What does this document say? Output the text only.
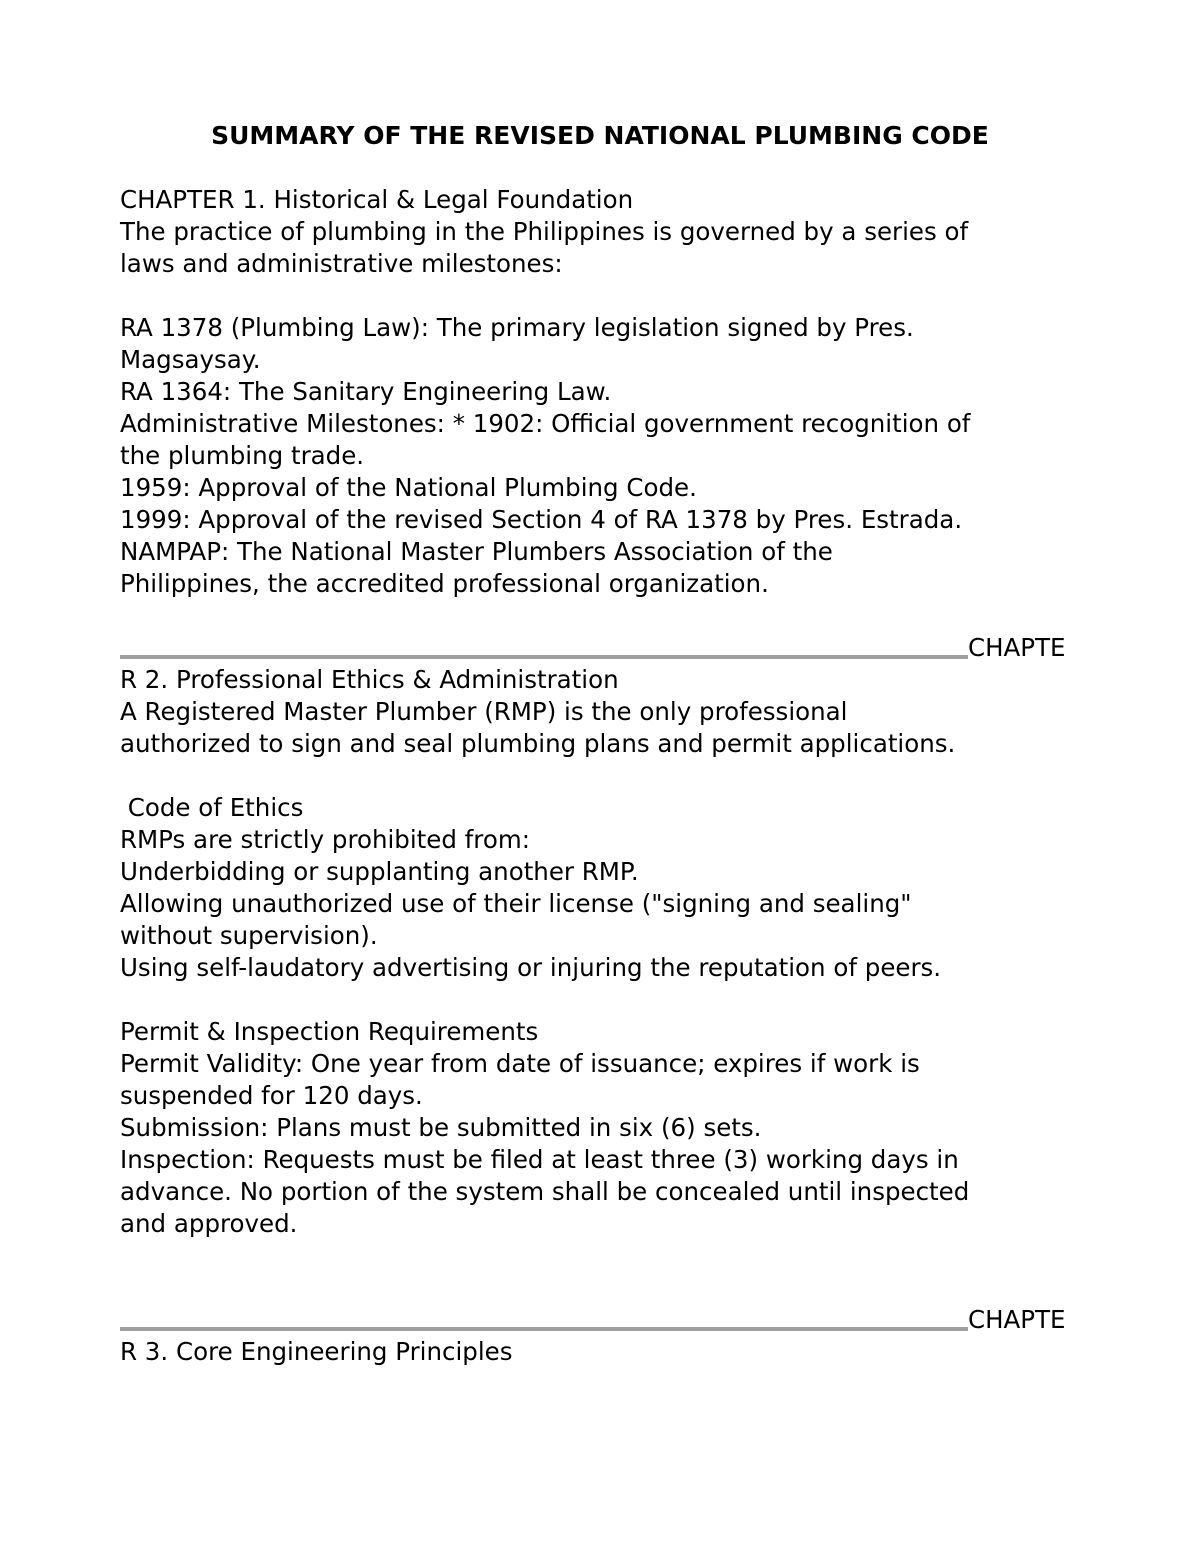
SUMMARY OF THE REVISED NATIONAL PLUMBING CODE
CHAPTER 1. Historical & Legal Foundation
The practice of plumbing in the Philippines is governed by a series of
laws and administrative milestones:
RA 1378 (Plumbing Law): The primary legislation signed by Pres.
Magsaysay.
RA 1364: The Sanitary Engineering Law.
Administrative Milestones: * 1902: Official government recognition of
the plumbing trade.
1959: Approval of the National Plumbing Code.
1999: Approval of the revised Section 4 of RA 1378 by Pres. Estrada.
NAMPAP: The National Master Plumbers Association of the
Philippines, the accredited professional organization.
CHAPTE
R 2. Professional Ethics & Administration
A Registered Master Plumber (RMP) is the only professional
authorized to sign and seal plumbing plans and permit applications.
Code of Ethics
RMPs are strictly prohibited from:
Underbidding or supplanting another RMP.
Allowing unauthorized use of their license ("signing and sealing"
without supervision).
Using self-laudatory advertising or injuring the reputation of peers.
Permit & Inspection Requirements
Permit Validity: One year from date of issuance; expires if work is
suspended for 120 days.
Submission: Plans must be submitted in six (6) sets.
Inspection: Requests must be filed at least three (3) working days in
advance. No portion of the system shall be concealed until inspected
and approved.
CHAPTE
R 3. Core Engineering Principles
